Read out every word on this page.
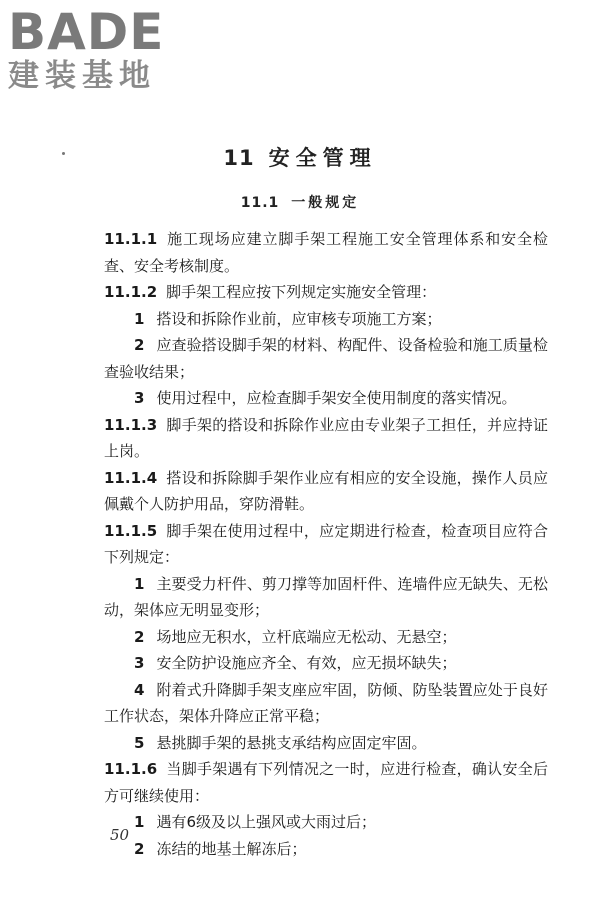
BADE
建装基地
11 安全管理
11.1 一般规定

11.1.1 施工现场应建立脚手架工程施工安全管理体系和安全检查、安全考核制度。

11.1.2 脚手架工程应按下列规定实施安全管理：

1 搭设和拆除作业前，应审核专项施工方案；

2 应查验搭设脚手架的材料、构配件、设备检验和施工质量检查验收结果；

3 使用过程中，应检查脚手架安全使用制度的落实情况。

11.1.3 脚手架的搭设和拆除作业应由专业架子工担任，并应持证上岗。

11.1.4 搭设和拆除脚手架作业应有相应的安全设施，操作人员应佩戴个人防护用品，穿防滑鞋。

11.1.5 脚手架在使用过程中，应定期进行检查，检查项目应符合下列规定：

1 主要受力杆件、剪刀撑等加固杆件、连墙件应无缺失、无松动，架体应无明显变形；

2 场地应无积水，立杆底端应无松动、无悬空；

3 安全防护设施应齐全、有效，应无损坏缺失；

4 附着式升降脚手架支座应牢固，防倾、防坠装置应处于良好工作状态，架体升降应正常平稳；

5 悬挑脚手架的悬挑支承结构应固定牢固。

11.1.6 当脚手架遇有下列情况之一时，应进行检查，确认安全后方可继续使用：

1 遇有6级及以上强风或大雨过后；

2 冻结的地基土解冻后；

50
